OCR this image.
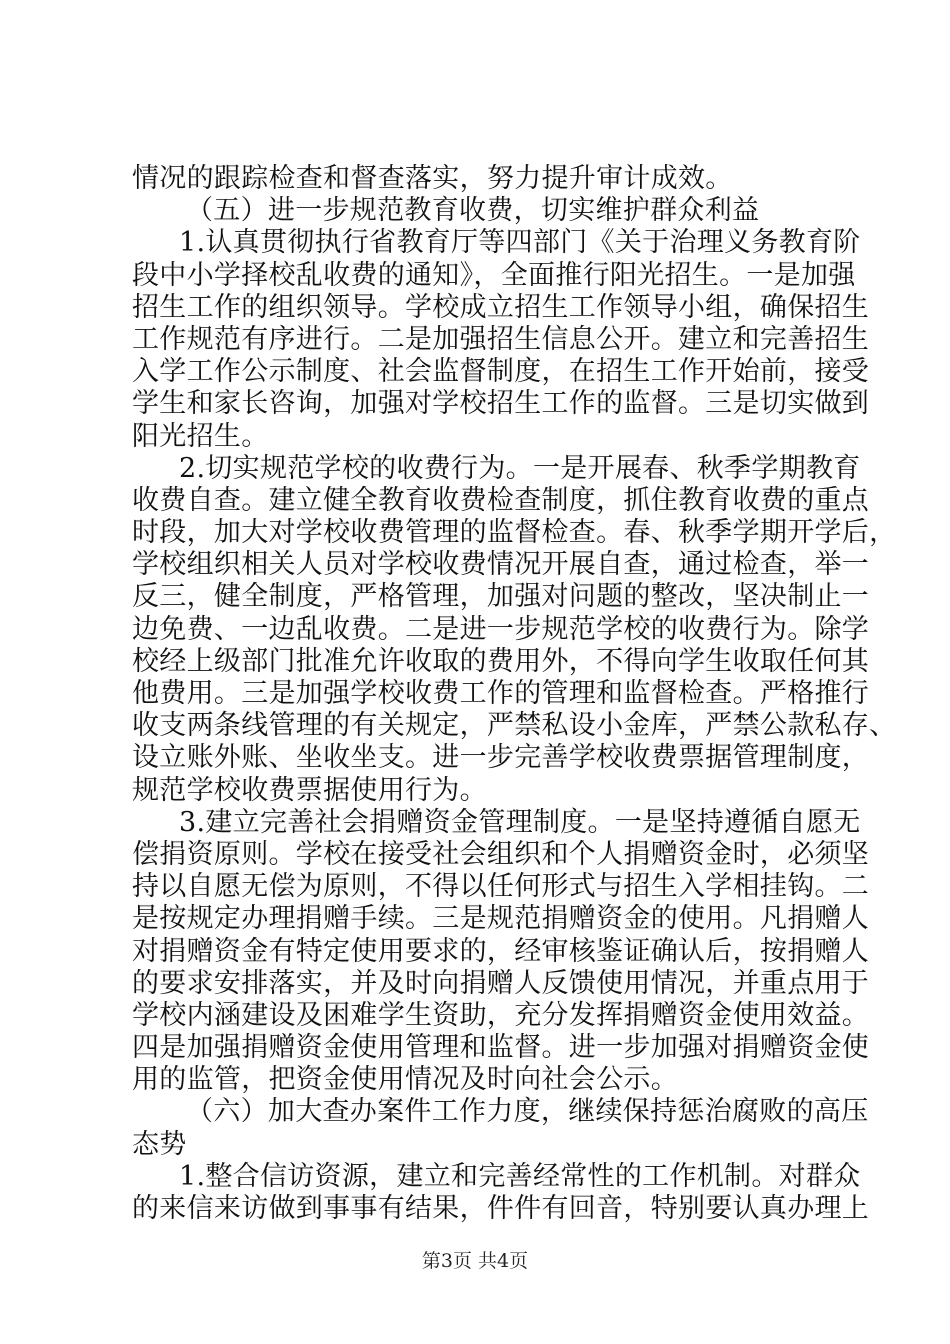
情况的跟踪检查和督查落实，努力提升审计成效。
（五）进一步规范教育收费，切实维护群众利益
1.认真贯彻执行省教育厅等四部门《关于治理义务教育阶
段中小学择校乱收费的通知》，全面推行阳光招生。一是加强
招生工作的组织领导。学校成立招生工作领导小组，确保招生
工作规范有序进行。二是加强招生信息公开。建立和完善招生
入学工作公示制度、社会监督制度，在招生工作开始前，接受
学生和家长咨询，加强对学校招生工作的监督。三是切实做到
阳光招生。
2.切实规范学校的收费行为。一是开展春、秋季学期教育
收费自查。建立健全教育收费检查制度，抓住教育收费的重点
时段，加大对学校收费管理的监督检查。春、秋季学期开学后，
学校组织相关人员对学校收费情况开展自查，通过检查，举一
反三，健全制度，严格管理，加强对问题的整改，坚决制止一
边免费、一边乱收费。二是进一步规范学校的收费行为。除学
校经上级部门批准允许收取的费用外，不得向学生收取任何其
他费用。三是加强学校收费工作的管理和监督检查。严格推行
收支两条线管理的有关规定，严禁私设小金库，严禁公款私存、
设立账外账、坐收坐支。进一步完善学校收费票据管理制度，
规范学校收费票据使用行为。
3.建立完善社会捐赠资金管理制度。一是坚持遵循自愿无
偿捐资原则。学校在接受社会组织和个人捐赠资金时，必须坚
持以自愿无偿为原则，不得以任何形式与招生入学相挂钩。二
是按规定办理捐赠手续。三是规范捐赠资金的使用。凡捐赠人
对捐赠资金有特定使用要求的，经审核鉴证确认后，按捐赠人
的要求安排落实，并及时向捐赠人反馈使用情况，并重点用于
学校内涵建设及困难学生资助，充分发挥捐赠资金使用效益。
四是加强捐赠资金使用管理和监督。进一步加强对捐赠资金使
用的监管，把资金使用情况及时向社会公示。
（六）加大查办案件工作力度，继续保持惩治腐败的高压
态势
1.整合信访资源，建立和完善经常性的工作机制。对群众
的来信来访做到事事有结果，件件有回音，特别要认真办理上
第3页 共4页
